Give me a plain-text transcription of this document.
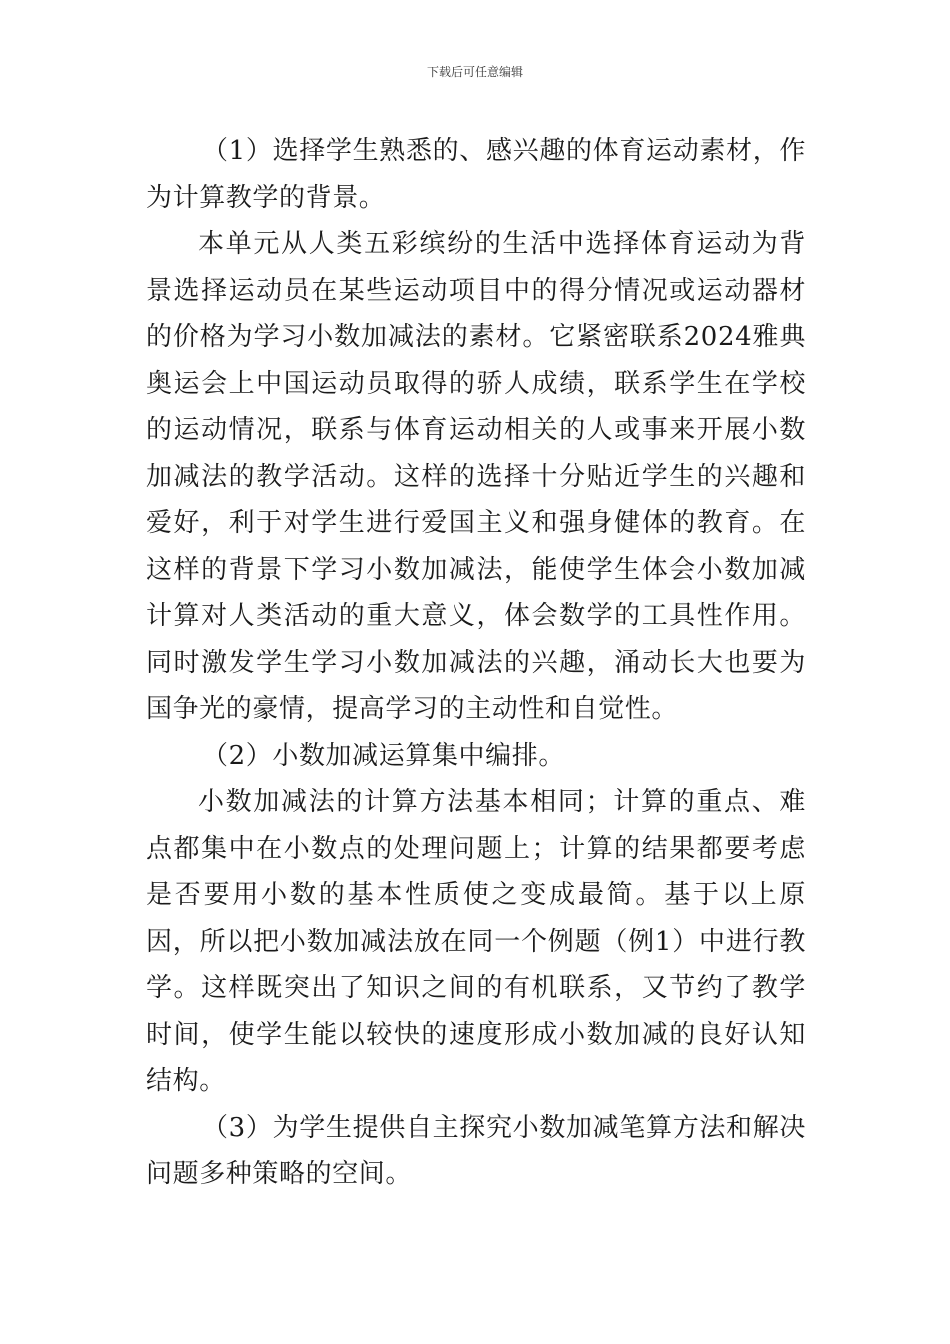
下载后可任意编辑

（1）选择学生熟悉的、感兴趣的体育运动素材，作为计算教学的背景。

本单元从人类五彩缤纷的生活中选择体育运动为背景选择运动员在某些运动项目中的得分情况或运动器材的价格为学习小数加减法的素材。它紧密联系2024雅典奥运会上中国运动员取得的骄人成绩，联系学生在学校的运动情况，联系与体育运动相关的人或事来开展小数加减法的教学活动。这样的选择十分贴近学生的兴趣和爱好，利于对学生进行爱国主义和强身健体的教育。在这样的背景下学习小数加减法，能使学生体会小数加减计算对人类活动的重大意义，体会数学的工具性作用。同时激发学生学习小数加减法的兴趣，涌动长大也要为国争光的豪情，提高学习的主动性和自觉性。

（2）小数加减运算集中编排。

小数加减法的计算方法基本相同；计算的重点、难点都集中在小数点的处理问题上；计算的结果都要考虑是否要用小数的基本性质使之变成最简。基于以上原因，所以把小数加减法放在同一个例题（例1）中进行教学。这样既突出了知识之间的有机联系，又节约了教学时间，使学生能以较快的速度形成小数加减的良好认知结构。

（3）为学生提供自主探究小数加减笔算方法和解决问题多种策略的空间。
